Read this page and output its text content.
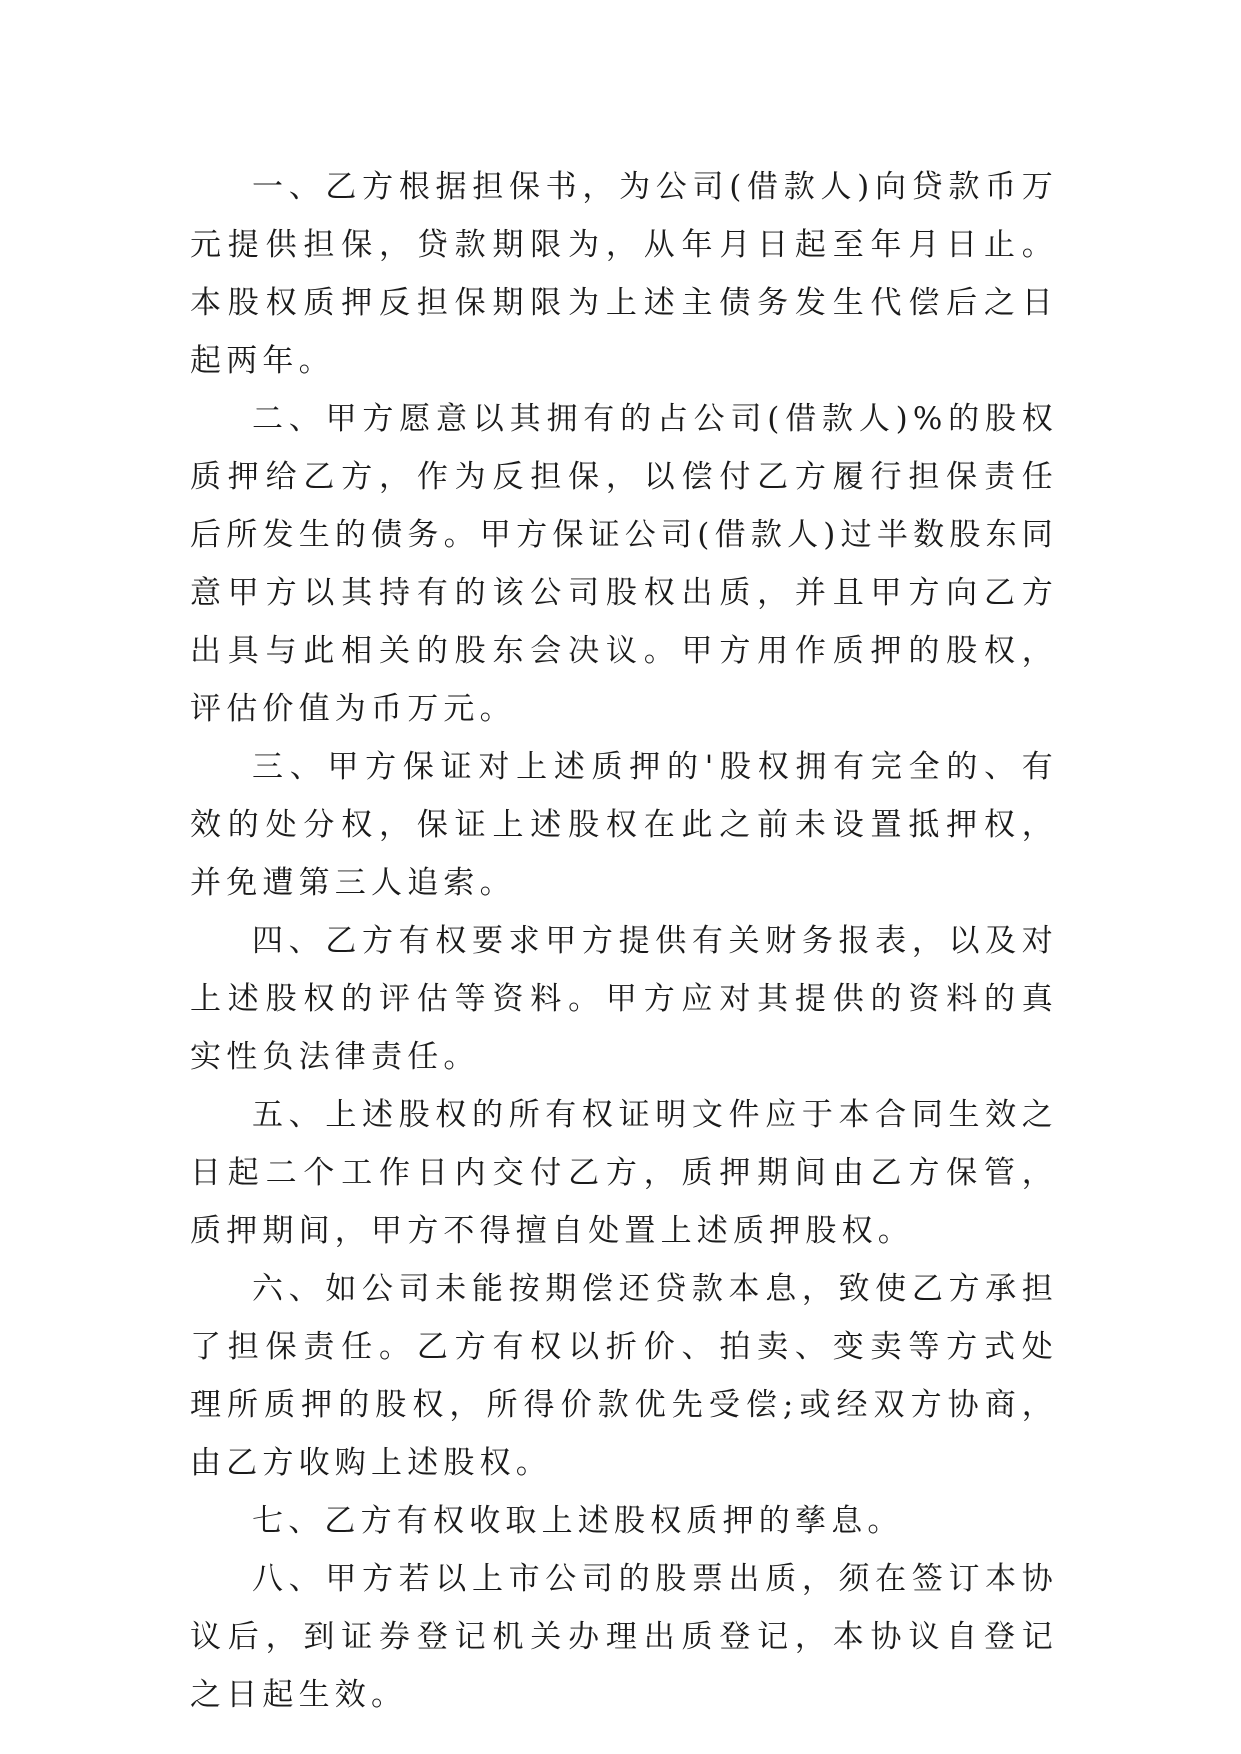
一、乙方根据担保书，为公司(借款人)向贷款币万元提供担保，贷款期限为，从年月日起至年月日止。本股权质押反担保期限为上述主债务发生代偿后之日起两年。

二、甲方愿意以其拥有的占公司(借款人)%的股权质押给乙方，作为反担保，以偿付乙方履行担保责任后所发生的债务。甲方保证公司(借款人)过半数股东同意甲方以其持有的该公司股权出质，并且甲方向乙方出具与此相关的股东会决议。甲方用作质押的股权，评估价值为币万元。

三、甲方保证对上述质押的'股权拥有完全的、有效的处分权，保证上述股权在此之前未设置抵押权，并免遭第三人追索。

四、乙方有权要求甲方提供有关财务报表，以及对上述股权的评估等资料。甲方应对其提供的资料的真实性负法律责任。

五、上述股权的所有权证明文件应于本合同生效之日起二个工作日内交付乙方，质押期间由乙方保管，质押期间，甲方不得擅自处置上述质押股权。

六、如公司未能按期偿还贷款本息，致使乙方承担了担保责任。乙方有权以折价、拍卖、变卖等方式处理所质押的股权，所得价款优先受偿;或经双方协商，由乙方收购上述股权。

七、乙方有权收取上述股权质押的孳息。

八、甲方若以上市公司的股票出质，须在签订本协议后，到证券登记机关办理出质登记，本协议自登记之日起生效。
